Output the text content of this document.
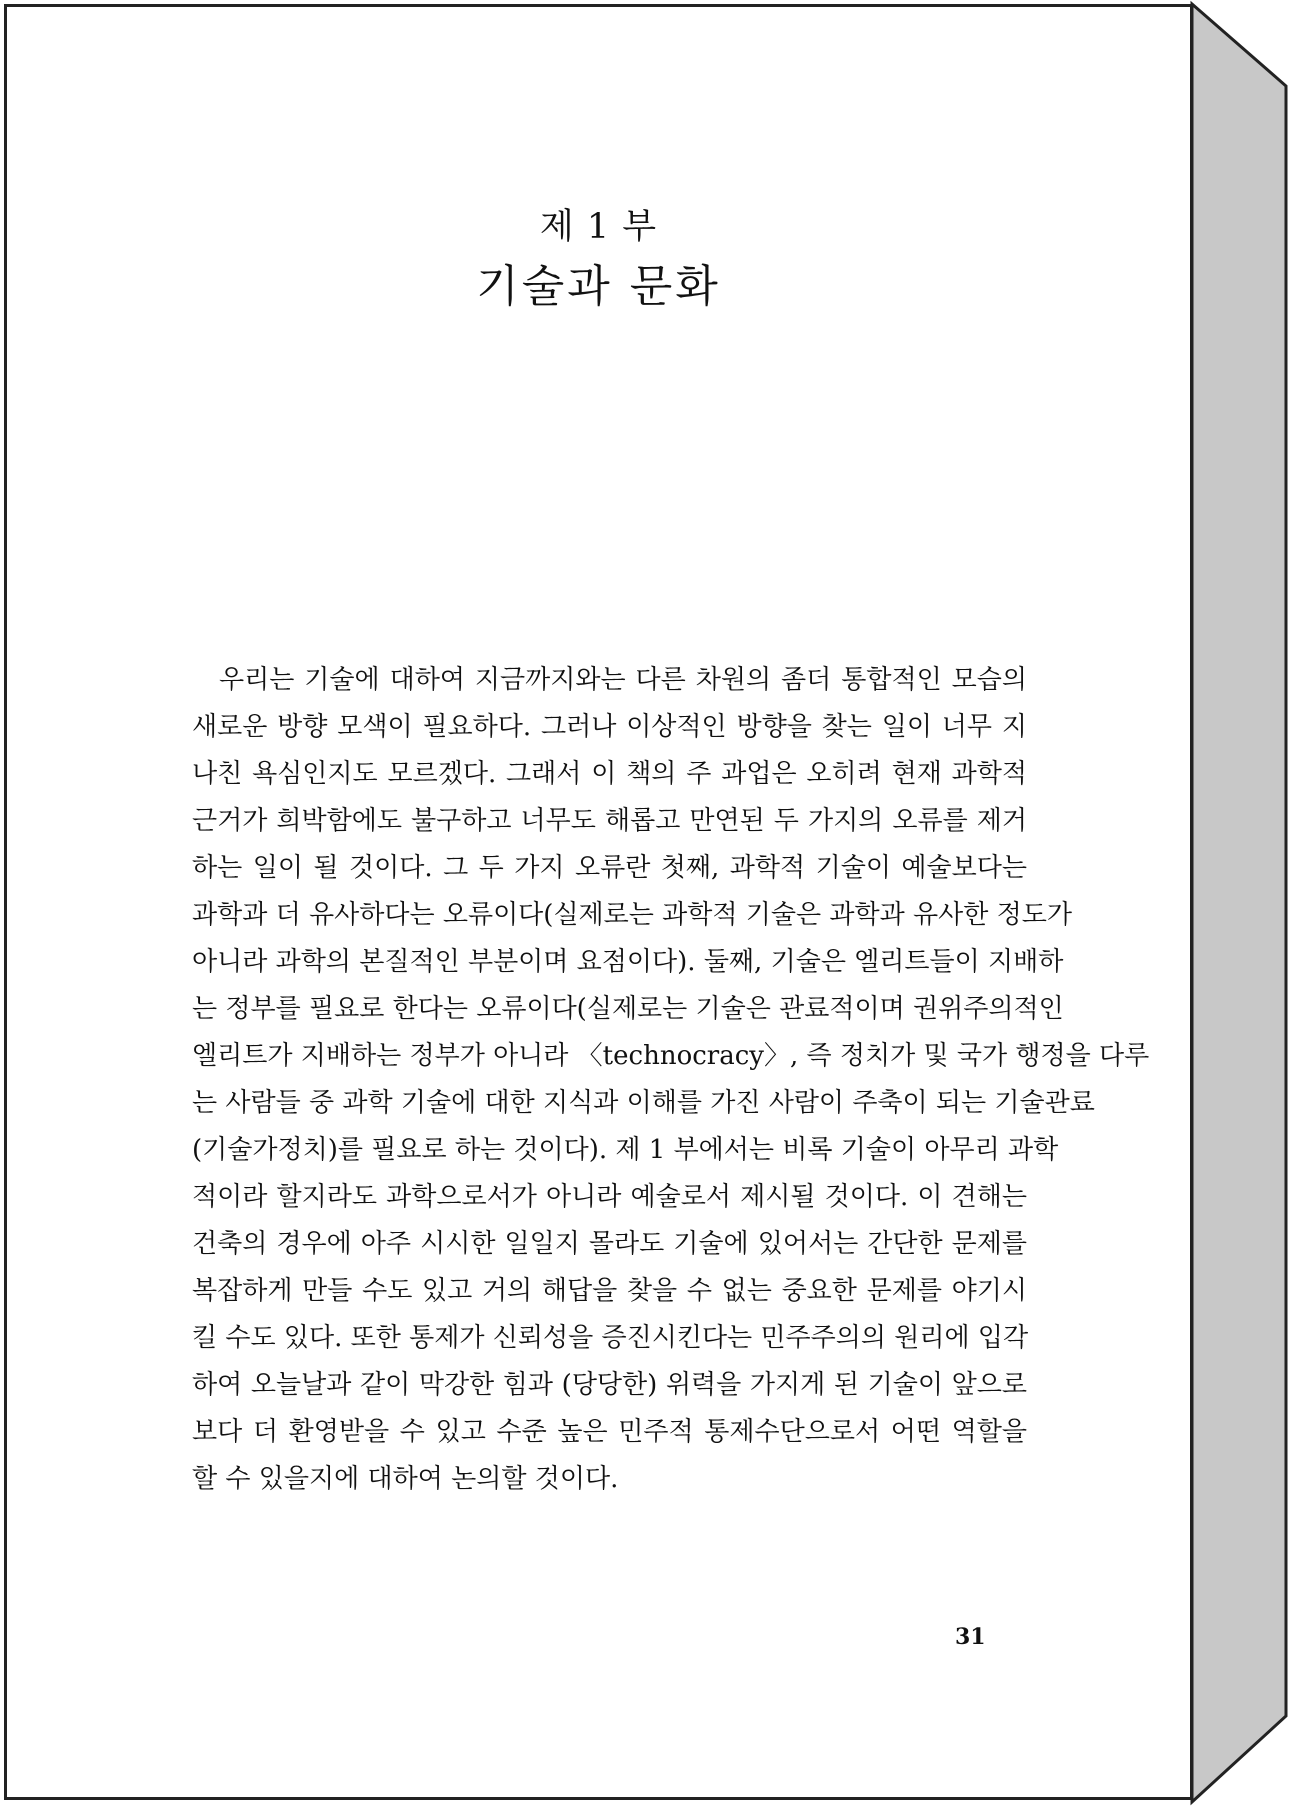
제 1 부
기술과 문화
우리는 기술에 대하여 지금까지와는 다른 차원의 좀더 통합적인 모습의
새로운 방향 모색이 필요하다. 그러나 이상적인 방향을 찾는 일이 너무 지
나친 욕심인지도 모르겠다. 그래서 이 책의 주 과업은 오히려 현재 과학적
근거가 희박함에도 불구하고 너무도 해롭고 만연된 두 가지의 오류를 제거
하는 일이 될 것이다. 그 두 가지 오류란 첫째, 과학적 기술이 예술보다는
과학과 더 유사하다는 오류이다(실제로는 과학적 기술은 과학과 유사한 정도가
아니라 과학의 본질적인 부분이며 요점이다). 둘째, 기술은 엘리트들이 지배하
는 정부를 필요로 한다는 오류이다(실제로는 기술은 관료적이며 권위주의적인
엘리트가 지배하는 정부가 아니라 〈technocracy〉, 즉 정치가 및 국가 행정을 다루
는 사람들 중 과학 기술에 대한 지식과 이해를 가진 사람이 주축이 되는 기술관료
(기술가정치)를 필요로 하는 것이다). 제 1 부에서는 비록 기술이 아무리 과학
적이라 할지라도 과학으로서가 아니라 예술로서 제시될 것이다. 이 견해는
건축의 경우에 아주 시시한 일일지 몰라도 기술에 있어서는 간단한 문제를
복잡하게 만들 수도 있고 거의 해답을 찾을 수 없는 중요한 문제를 야기시
킬 수도 있다. 또한 통제가 신뢰성을 증진시킨다는 민주주의의 원리에 입각
하여 오늘날과 같이 막강한 힘과 (당당한) 위력을 가지게 된 기술이 앞으로
보다 더 환영받을 수 있고 수준 높은 민주적 통제수단으로서 어떤 역할을
할 수 있을지에 대하여 논의할 것이다.
31
